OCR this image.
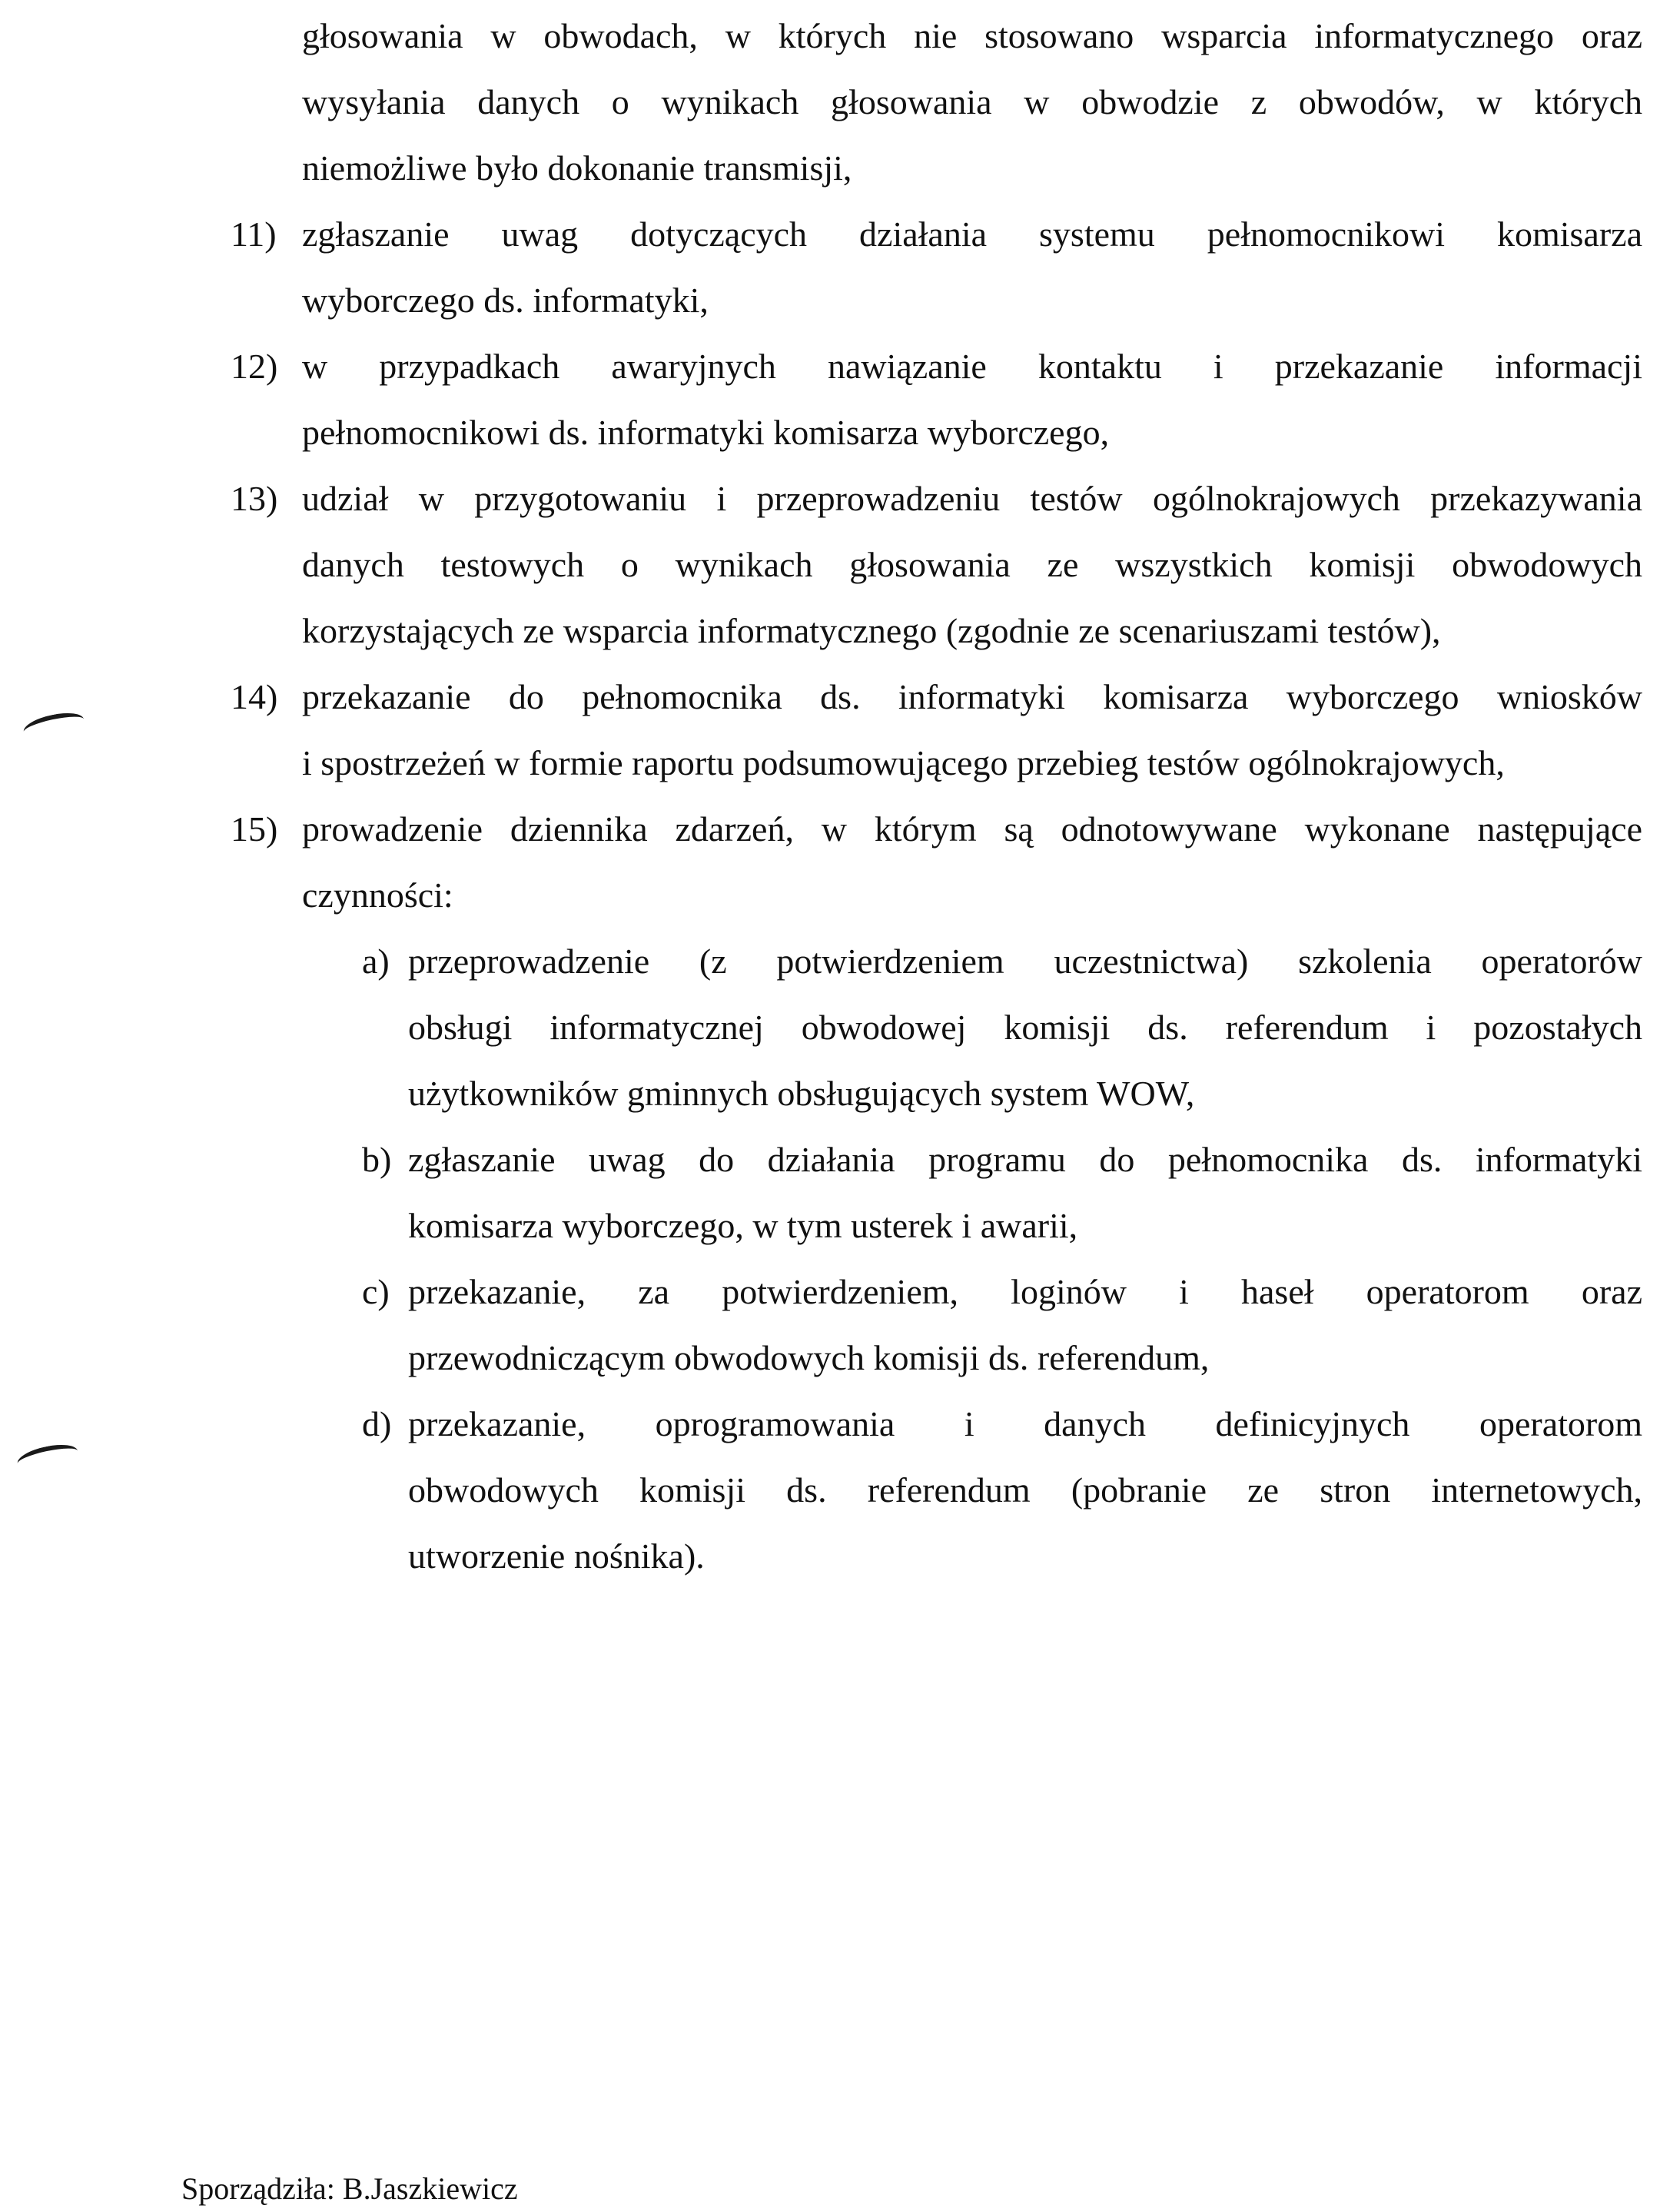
głosowania w obwodach, w których nie stosowano wsparcia informatycznego oraz
wysyłania danych o wynikach głosowania w obwodzie z obwodów, w których
niemożliwe było dokonanie transmisji,
11) zgłaszanie uwag dotyczących działania systemu pełnomocnikowi komisarza
wyborczego ds. informatyki,
12) w przypadkach awaryjnych nawiązanie kontaktu i przekazanie informacji
pełnomocnikowi ds. informatyki komisarza wyborczego,
13) udział w przygotowaniu i przeprowadzeniu testów ogólnokrajowych przekazywania
danych testowych o wynikach głosowania ze wszystkich komisji obwodowych
korzystających ze wsparcia informatycznego (zgodnie ze scenariuszami testów),
14) przekazanie do pełnomocnika ds. informatyki komisarza wyborczego wniosków
i spostrzeżeń w formie raportu podsumowującego przebieg testów ogólnokrajowych,
15) prowadzenie dziennika zdarzeń, w którym są odnotowywane wykonane następujące
czynności:
a) przeprowadzenie (z potwierdzeniem uczestnictwa) szkolenia operatorów
obsługi informatycznej obwodowej komisji ds. referendum i pozostałych
użytkowników gminnych obsługujących system WOW,
b) zgłaszanie uwag do działania programu do pełnomocnika ds. informatyki
komisarza wyborczego, w tym usterek i awarii,
c) przekazanie, za potwierdzeniem, loginów i haseł operatorom oraz
przewodniczącym obwodowych komisji ds. referendum,
d) przekazanie, oprogramowania i danych definicyjnych operatorom
obwodowych komisji ds. referendum (pobranie ze stron internetowych,
utworzenie nośnika).
Sporządziła: B.Jaszkiewicz
